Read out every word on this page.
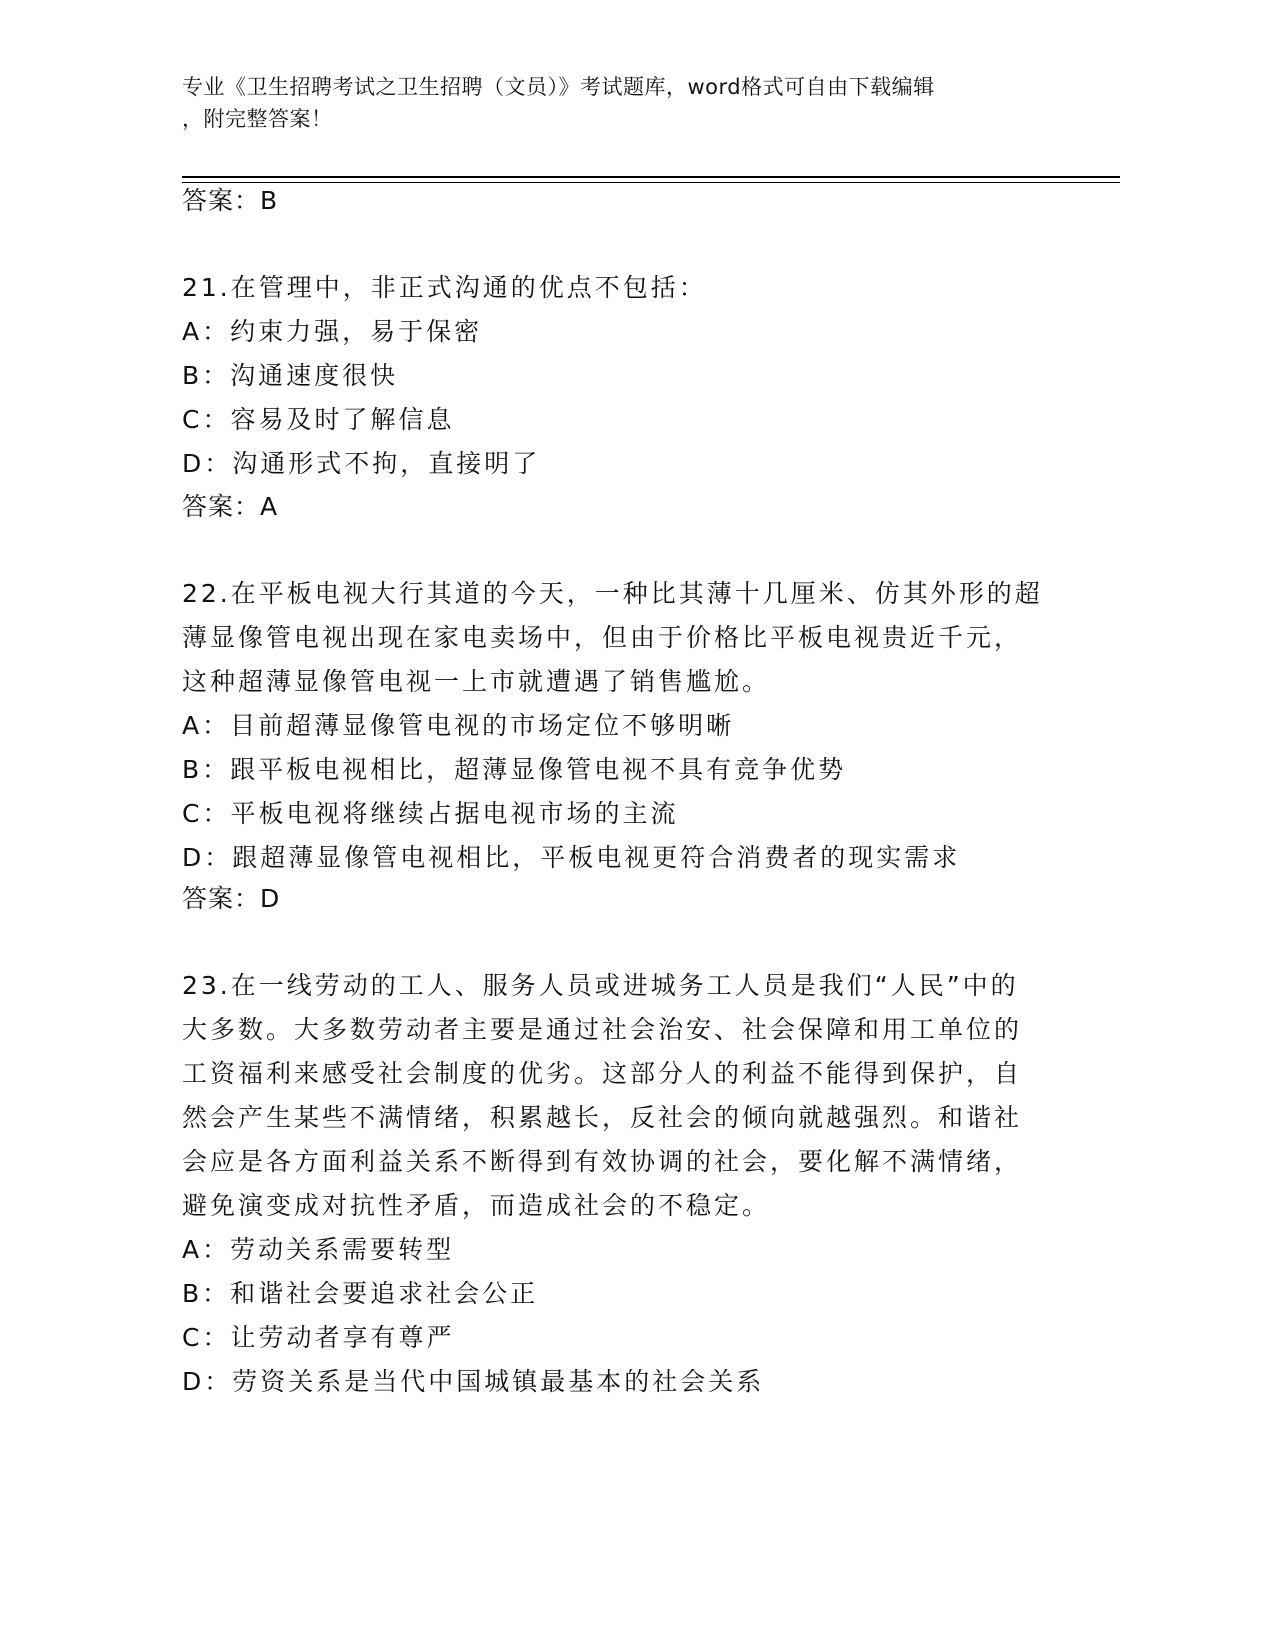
专业《卫生招聘考试之卫生招聘（文员）》考试题库，word格式可自由下载编辑
，附完整答案！
答案：B
21.在管理中，非正式沟通的优点不包括：
A：约束力强，易于保密
B：沟通速度很快
C：容易及时了解信息
D：沟通形式不拘，直接明了
答案：A
22.在平板电视大行其道的今天，一种比其薄十几厘米、仿其外形的超
薄显像管电视出现在家电卖场中，但由于价格比平板电视贵近千元，
这种超薄显像管电视一上市就遭遇了销售尴尬。
A：目前超薄显像管电视的市场定位不够明晰
B：跟平板电视相比，超薄显像管电视不具有竞争优势
C：平板电视将继续占据电视市场的主流
D：跟超薄显像管电视相比，平板电视更符合消费者的现实需求
答案：D
23.在一线劳动的工人、服务人员或进城务工人员是我们“人民”中的
大多数。大多数劳动者主要是通过社会治安、社会保障和用工单位的
工资福利来感受社会制度的优劣。这部分人的利益不能得到保护，自
然会产生某些不满情绪，积累越长，反社会的倾向就越强烈。和谐社
会应是各方面利益关系不断得到有效协调的社会，要化解不满情绪，
避免演变成对抗性矛盾，而造成社会的不稳定。
A：劳动关系需要转型
B：和谐社会要追求社会公正
C：让劳动者享有尊严
D：劳资关系是当代中国城镇最基本的社会关系
